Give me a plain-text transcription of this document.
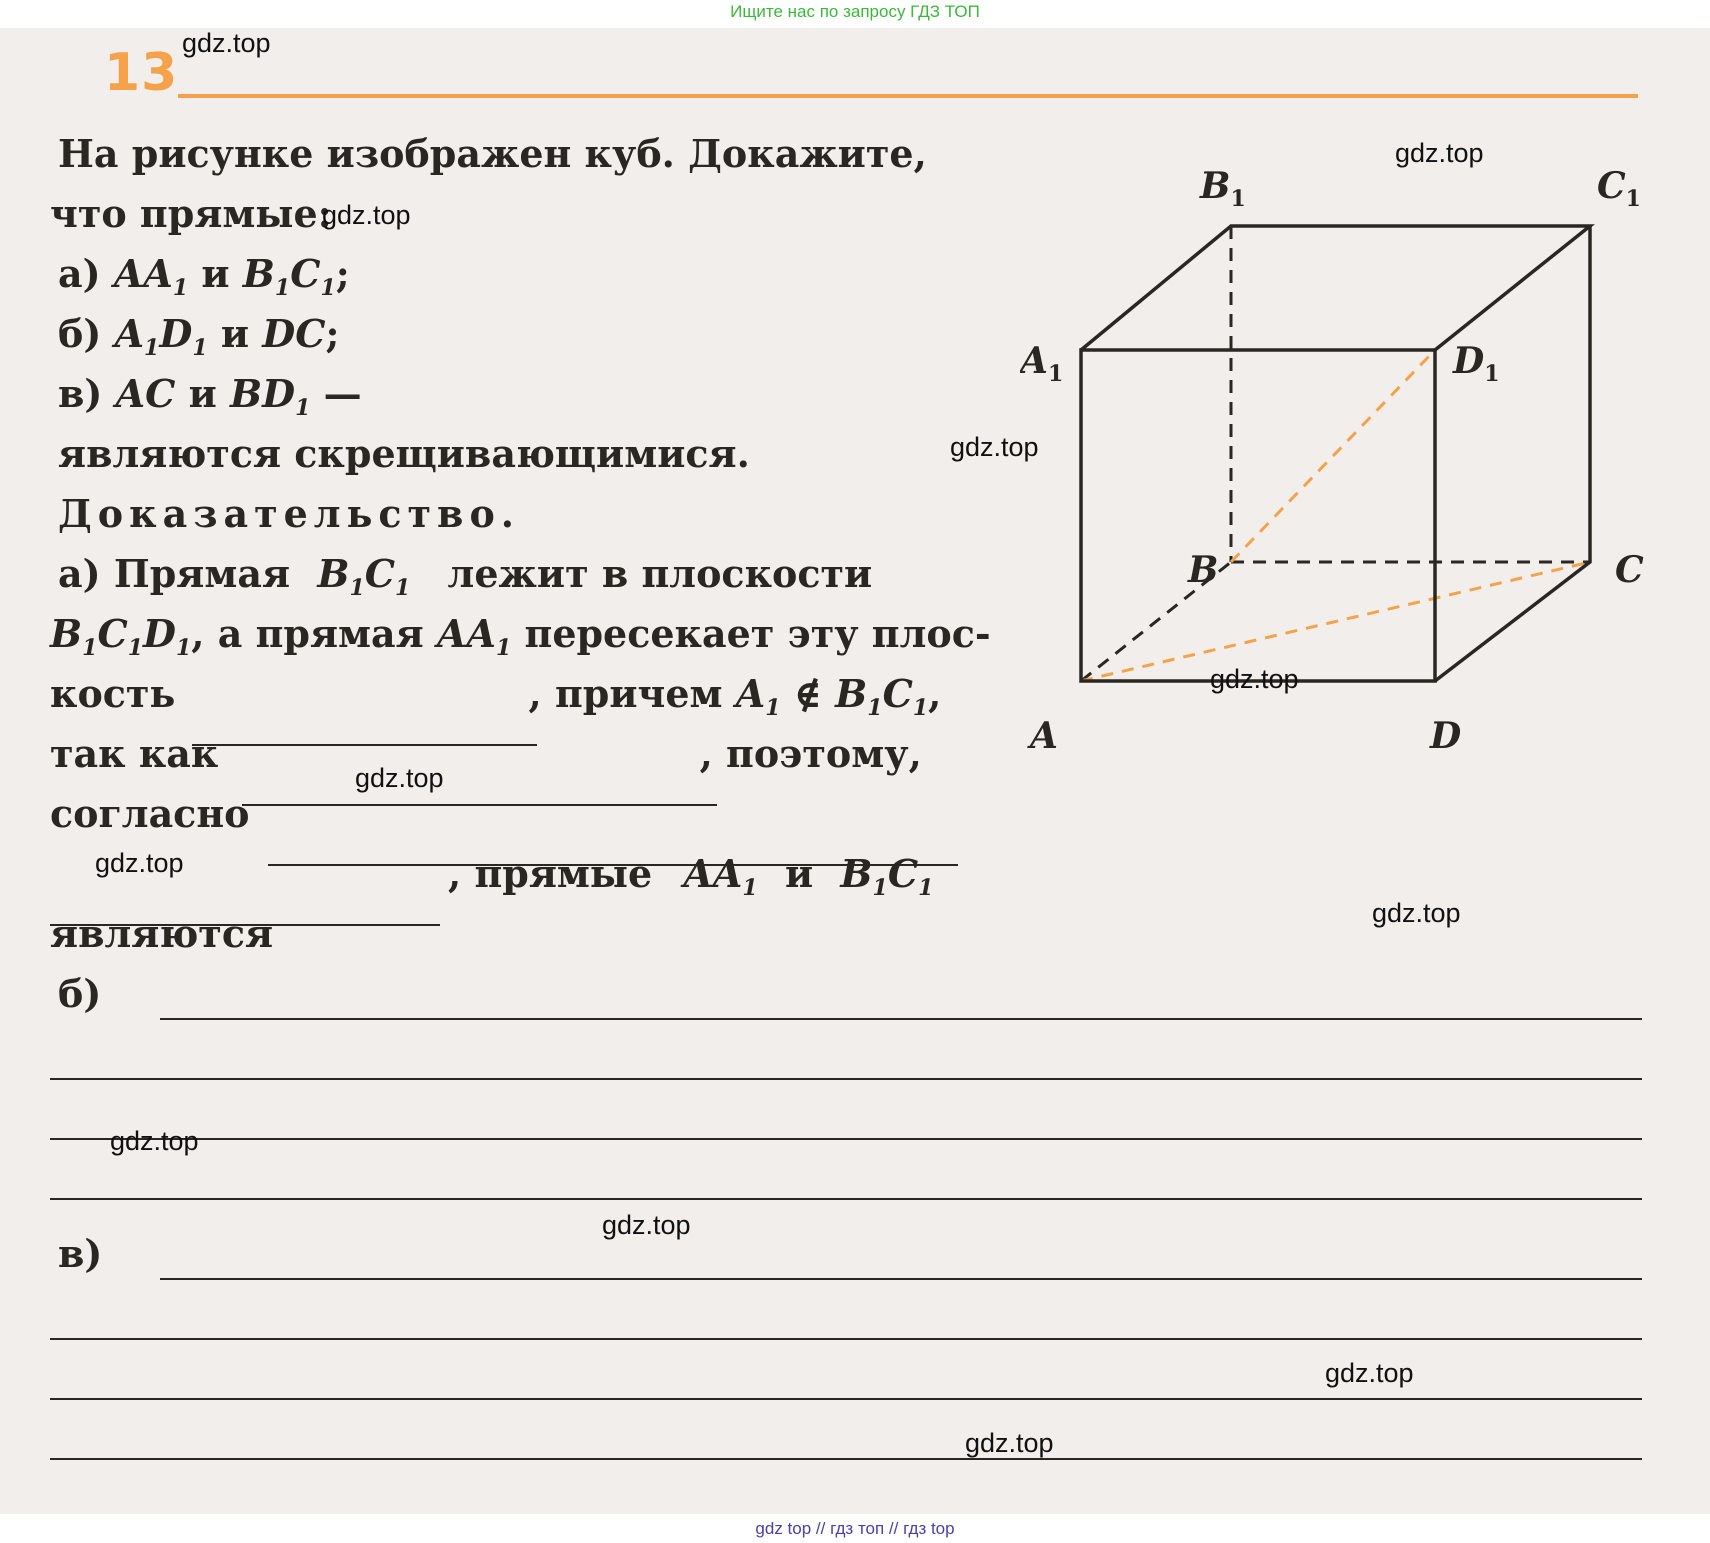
Ищите нас по запросу ГДЗ ТОП
13
На рисунке изображен куб. Докажите,
что прямые:
а) $AA_1$ и $B_1C_1$;
б) $A_1D_1$ и DC;
в) AC и $BD_1$ —
являются скрещивающимися.
Доказательство.
а) Прямая $B_1C_1$ лежит в плоскости
$B_1C_1D_1$, а прямая $AA_1$ пересекает эту плос-
кость	, причем $A_1$ ∉ $B_1C_1$,
так как	, поэтому,
согласно
, прямые $AA_1$ и $B_1C_1$
являются
б)
в)
$B_1$	$C_1$
$A_1$	$D_1$
B	C
A	D
gdz.top
gdz.top
gdz.top
gdz.top
gdz.top
gdz.top
gdz.top
gdz.top
gdz.top
gdz.top
gdz.top
gdz.top
gdz top // гдз топ // гдз top
